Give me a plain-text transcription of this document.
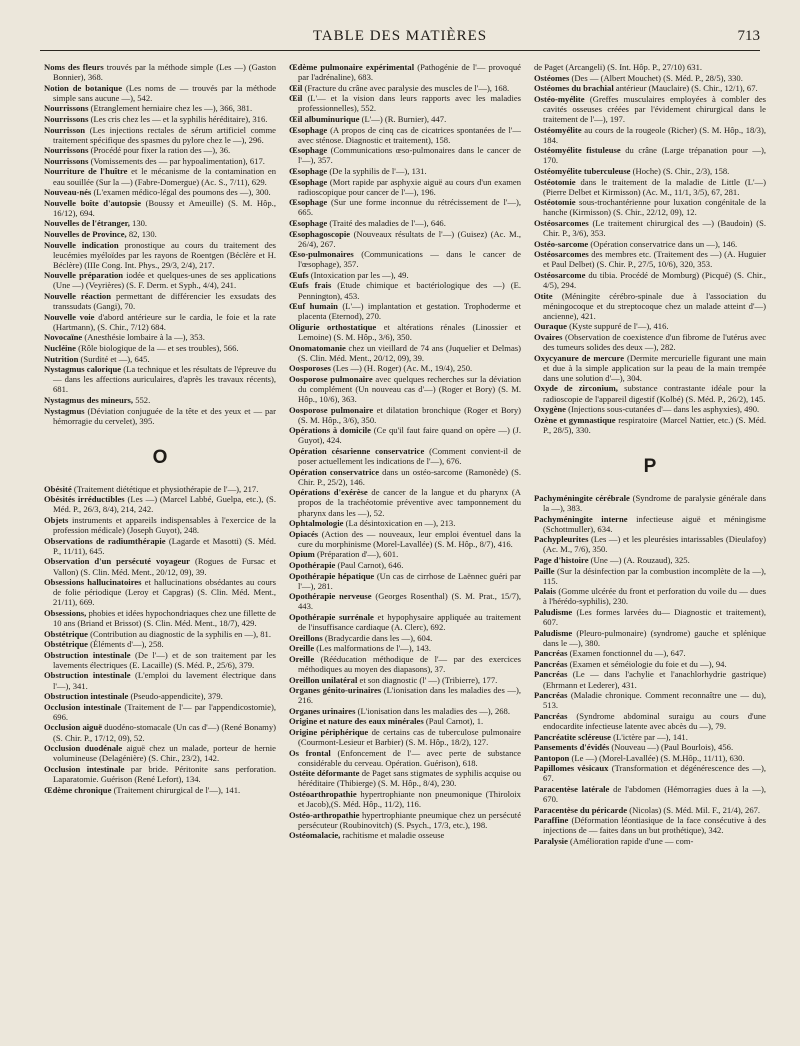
TABLE DES MATIÈRES	713
Noms des fleurs trouvés par la méthode simple (Les —) (Gaston Bonnier), 368.
Notion de botanique (Les noms de — trouvés par la méthode simple sans aucune —), 542.
Nourrissons (Etranglement herniaire chez les —), 366, 381.
Nourrissons (Les cris chez les — et la syphilis héréditaire), 316.
Nourrisson (Les injections rectales de sérum artificiel comme traitement spécifique des spasmes du pylore chez le —), 296.
Nourrissons (Procédé pour fixer la ration des —), 36.
Nourrissons (Vomissements des — par hypoalimentation), 617.
Nourriture de l'huître et le mécanisme de la contamination en eau souillée (Sur la —) (Fabre-Domergue) (Ac. S., 7/11), 629.
Nouveau-nés (L'examen médico-légal des poumons des —), 300.
Nouvelle boîte d'autopsie (Boussy et Ameuille) (S. M. Hôp., 16/12), 694.
Nouvelles de l'étranger, 130.
Nouvelles de Province, 82, 130.
Nouvelle indication pronostique au cours du traitement des leucémies myéloïdes par les rayons de Roentgen (Béclère et H. Béclère) (IIIe Cong. Int. Phys., 29/3, 2/4), 217.
Nouvelle préparation iodée et quelques-unes de ses applications (Une —) (Veyrières) (S. F. Derm. et Syph., 4/4), 241.
Nouvelle réaction permettant de différencier les exsudats des transsudats (Gangi), 70.
Nouvelle voie d'abord antérieure sur le cardia, le foie et la rate (Hartmann), (S. Chir., 7/12) 684.
Novocaïne (Anesthésie lombaire à la —), 353.
Nucléine (Rôle biologique de la — et ses troubles), 566.
Nutrition (Surdité et —), 645.
Nystagmus calorique (La technique et les résultats de l'épreuve du — dans les affections auriculaires, d'après les travaux récents), 681.
Nystagmus des mineurs, 552.
Nystagmus (Déviation conjuguée de la tête et des yeux et — par hémorragie du cervelet), 395.
O
Obésité (Traitement diététique et physiothérapie de l'—), 217.
Obésités irréductibles (Les —) (Marcel Labbé, Guelpa, etc.), (S. Méd. P., 26/3, 8/4), 214, 242.
Objets instruments et appareils indispensables à l'exercice de la profession médicale) (Joseph Guyot), 248.
Observations de radiumthérapie (Lagarde et Masotti) (S. Méd. P., 11/11), 645.
Observation d'un persécuté voyageur (Rogues de Fursac et Vallon) (S. Clin. Méd. Ment., 20/12, 09), 39.
Obsessions hallucinatoires et hallucinations obsédantes au cours de folie périodique (Leroy et Capgras) (S. Clin. Méd. Ment., 21/11), 669.
Obsessions, phobies et idées hypochondriaques chez une fillette de 10 ans (Briand et Brissot) (S. Clin. Méd. Ment., 18/7), 429.
Obstétrique (Contribution au diagnostic de la syphilis en —), 81.
Obstétrique (Éléments d'—), 258.
Obstruction intestinale (De l'—) et de son traitement par les lavements électriques (E. Lacaille) (S. Méd. P., 25/6), 379.
Obstruction intestinale (L'emploi du lavement électrique dans l'—), 341.
Obstruction intestinale (Pseudo-appendicite), 379.
Occlusion intestinale (Traitement de l'— par l'appendicostomie), 696.
Occlusion aiguë duodéno-stomacale (Un cas d'—) (René Bonamy) (S. Chir. P., 17/12, 09), 52.
Occlusion duodénale aiguë chez un malade, porteur de hernie volumineuse (Delagénière) (S. Chir., 23/2), 142.
Occlusion intestinale par bride. Péritonite sans perforation. Laparatomie. Guérison (René Lefort), 134.
Œdème chronique (Traitement chirurgical de l'—), 141.
Œdème pulmonaire expérimental (Pathogénie de l'— provoqué par l'adrénaline), 683.
Œil (Fracture du crâne avec paralysie des muscles de l'—), 168.
Œil (L'— et la vision dans leurs rapports avec les maladies professionnelles), 552.
Œil albuminurique (L'—) (R. Burnier), 447.
Œsophage (A propos de cinq cas de cicatrices spontanées de l'— avec sténose. Diagnostic et traitement), 158.
Œsophage (Communications œso-pulmonaires dans le cancer de l'—), 357.
Œsophage (De la syphilis de l'—), 131.
Œsophage (Mort rapide par asphyxie aiguë au cours d'un examen radioscopique pour cancer de l'—), 196.
Œsophage (Sur une forme inconnue du rétrécissement de l'—), 665.
Œsophage (Traité des maladies de l'—), 646.
Œsophagoscopie (Nouveaux résultats de l'—) (Guisez) (Ac. M., 26/4), 267.
Œso-pulmonaires (Communications — dans le cancer de l'œsophage), 357.
Œufs (Intoxication par les —), 49.
Œufs frais (Etude chimique et bactériologique des —) (E. Pennington), 453.
Œuf humain (L'—) implantation et gestation. Trophoderme et placenta (Eternod), 270.
Oligurie orthostatique et altérations rénales (Linossier et Lemoine) (S. M. Hôp., 3/6), 350.
Onomatomanie chez un vieillard de 74 ans (Juquelier et Delmas) (S. Clin. Méd. Ment., 20/12, 09), 39.
Oosporoses (Les —) (H. Roger) (Ac. M., 19/4), 250.
Oosporose pulmonaire avec quelques recherches sur la déviation du complément (Un nouveau cas d'—) (Roger et Bory) (S. M. Hôp., 10/6), 363.
Oosporose pulmonaire et dilatation bronchique (Roger et Bory) (S. M. Hôp., 3/6), 350.
Opérations à domicile (Ce qu'il faut faire quand on opère —) (J. Guyot), 424.
Opération césarienne conservatrice (Comment convient-il de poser actuellement les indications de l'—), 676.
Opération conservatrice dans un ostéo-sarcome (Ramonède) (S. Chir. P., 25/2), 146.
Opérations d'exérèse de cancer de la langue et du pharynx (A propos de la trachéotomie préventive avec tamponnement du pharynx dans les —), 52.
Ophtalmologie (La désintoxication en —), 213.
Opiacés (Action des — nouveaux, leur emploi éventuel dans la cure du morphinisme (Morel-Lavallée) (S. M. Hôp., 8/7), 416.
Opium (Préparation d'—), 601.
Opothérapie (Paul Carnot), 646.
Opothérapie hépatique (Un cas de cirrhose de Laënnec guéri par l'—), 281.
Opothérapie nerveuse (Georges Rosenthal) (S. M. Prat., 15/7), 443.
Opothérapie surrénale et hypophysaire appliquée au traitement de l'insuffisance cardiaque (A. Clerc), 692.
Oreillons (Bradycardie dans les —), 604.
Oreille (Les malformations de l'—), 143.
Oreille (Rééducation méthodique de l'— par des exercices méthodiques au moyen des diapasons), 37.
Oreillon unilatéral et son diagnostic (l' —) (Tribierre), 177.
Organes génito-urinaires (L'ionisation dans les maladies des —), 216.
Organes urinaires (L'ionisation dans les maladies des —), 268.
Origine et nature des eaux minérales (Paul Carnot), 1.
Origine périphérique de certains cas de tuberculose pulmonaire (Courmont-Lesieur et Barbier) (S. M. Hôp., 18/2), 127.
Os frontal (Enfoncement de l'— avec perte de substance considérable du cerveau. Opération. Guérison), 618.
Ostéite déformante de Paget sans stigmates de syphilis acquise ou héréditaire (Thibierge) (S. M. Hôp., 8/4), 230.
Ostéoarthropathie hypertrophiante non pneumonique (Thiroloix et Jacob),(S. Méd. Hôp., 11/2), 116.
Ostéo-arthropathie hypertrophiante pneumique chez un persécuté persécuteur (Roubinovitch) (S. Psych., 17/3, etc.), 198.
Ostéomalacie, rachitisme et maladie osseuse
de Paget (Arcangeli) (S. Int. Hôp. P., 27/10) 631.
Ostéomes (Des — (Albert Mouchet) (S. Méd. P., 28/5), 330.
Ostéomes du brachial antérieur (Mauclaire) (S. Chir., 12/1), 67.
Ostéo-myélite (Greffes musculaires employées à combler des cavités osseuses créées par l'évidement chirurgical dans le traitement de l'—), 197.
Ostéomyélite au cours de la rougeole (Richer) (S. M. Hôp., 18/3), 184.
Ostéomyélite fistuleuse du crâne (Large trépanation pour —), 170.
Ostéomyélite tuberculeuse (Hoche) (S. Chir., 2/3), 158.
Ostéotomie dans le traitement de la maladie de Little (L'—) (Pierre Delbet et Kirmisson) (Ac. M., 11/1, 3/5), 67, 281.
Ostéotomie sous-trochantérienne pour luxation congénitale de la hanche (Kirmisson) (S. Chir., 22/12, 09), 12.
Ostéosarcomes (Le traitement chirurgical des —) (Baudoin) (S. Chir. P., 3/6), 353.
Ostéo-sarcome (Opération conservatrice dans un —), 146.
Ostéosarcomes des membres etc. (Traitement des —) (A. Huguier et Paul Delbet) (S. Chir. P., 27/5, 10/6), 320, 353.
Ostéosarcome du tibia. Procédé de Momburg) (Picqué) (S. Chir., 4/5), 294.
Otite (Méningite cérébro-spinale due à l'association du méningocoque et du streptocoque chez un malade atteint d'—) ancienne), 421.
Ouraque (Kyste suppuré de l'—), 416.
Ovaires (Observation de coexistence d'un fibrome de l'utérus avec des tumeurs solides des deux —), 282.
Oxycyanure de mercure (Dermite mercurielle figurant une main et due à la simple application sur la peau de la main trempée dans une solution d'—), 304.
Oxyde de zirconium, substance contrastante idéale pour la radioscopie de l'appareil digestif (Kolbé) (S. Méd. P., 26/2), 145.
Oxygène (Injections sous-cutanées d'— dans les asphyxies), 490.
Ozène et gymnastique respiratoire (Marcel Nattier, etc.) (S. Méd. P., 28/5), 330.
P
Pachyméningite cérébrale (Syndrome de paralysie générale dans la —), 383.
Pachyméningite interne infectieuse aiguë et méningisme (Schottmuller), 634.
Pachypleurites (Les —) et les pleurésies intarissables (Dieulafoy) (Ac. M., 7/6), 350.
Page d'histoire (Une —) (A. Rouzaud), 325.
Paille (Sur la désinfection par la combustion incomplète de la —), 115.
Palais (Gomme ulcérée du front et perforation du voile du — dues à l'hérédo-syphilis), 230.
Paludisme (Les formes larvées du— Diagnostic et traitement), 607.
Paludisme (Pleuro-pulmonaire) (syndrome) gauche et splénique dans le —), 380.
Pancréas (Examen fonctionnel du —), 647.
Pancréas (Examen et séméiologie du foie et du —), 94.
Pancréas (Le — dans l'achylie et l'anachlorhydrie gastrique) (Ehrmann et Lederer), 431.
Pancréas (Maladie chronique. Comment reconnaître une — du), 513.
Pancréas (Syndrome abdominal suraigu au cours d'une endocardite infectieuse latente avec abcès du —), 79.
Pancréatite scléreuse (L'ictère par —), 141.
Pansements d'évidés (Nouveau —) (Paul Bourlois), 456.
Pantopon (Le —) (Morel-Lavallée) (S. M.Hôp., 11/11), 630.
Papillomes vésicaux (Transformation et dégénérescence des —), 67.
Paracentèse latérale de l'abdomen (Hémorragies dues à la —), 670.
Paracentèse du péricarde (Nicolas) (S. Méd. Mil. F., 21/4), 267.
Paraffine (Déformation léontiasique de la face consécutive à des injections de — faites dans un but prothétique), 342.
Paralysie (Amélioration rapide d'une — com-
